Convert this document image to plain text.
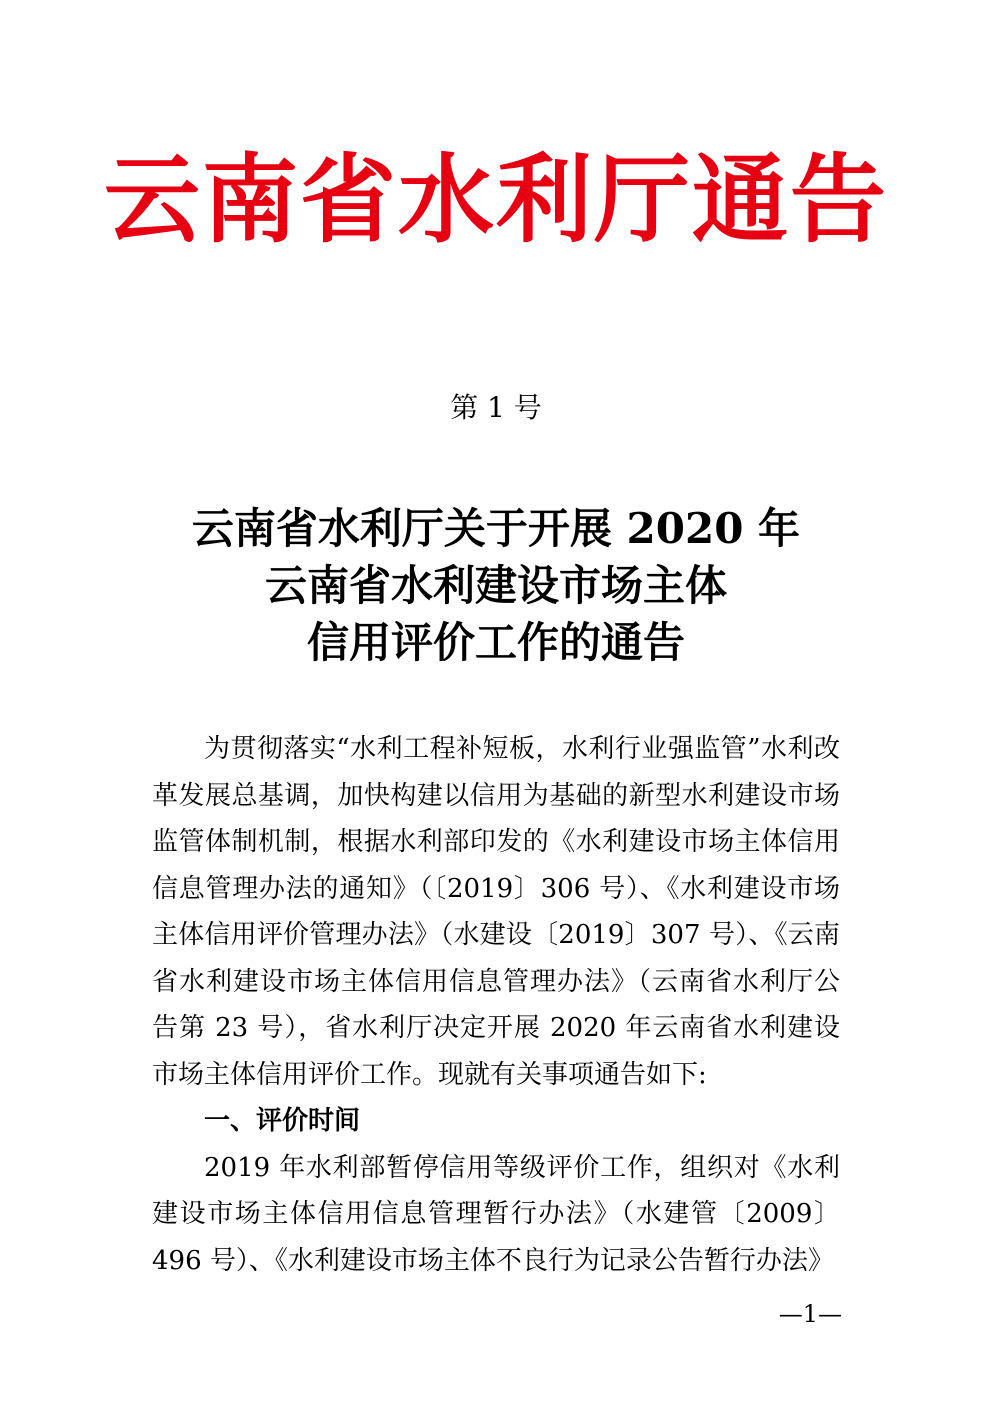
云南省水利厅通告
第 1 号
云南省水利厅关于开展 2020 年
云南省水利建设市场主体
信用评价工作的通告

为贯彻落实“水利工程补短板，水利行业强监管”水利改革发展总基调，加快构建以信用为基础的新型水利建设市场监管体制机制，根据水利部印发的《水利建设市场主体信用信息管理办法的通知》（〔2019〕306 号）、《水利建设市场主体信用评价管理办法》（水建设〔2019〕307 号）、《云南省水利建设市场主体信用信息管理办法》（云南省水利厅公告第 23 号），省水利厅决定开展 2020 年云南省水利建设市场主体信用评价工作。现就有关事项通告如下:

一、评价时间

2019 年水利部暂停信用等级评价工作，组织对《水利建设市场主体信用信息管理暂行办法》（水建管〔2009〕496 号）、《水利建设市场主体不良行为记录公告暂行办法》

—1—
